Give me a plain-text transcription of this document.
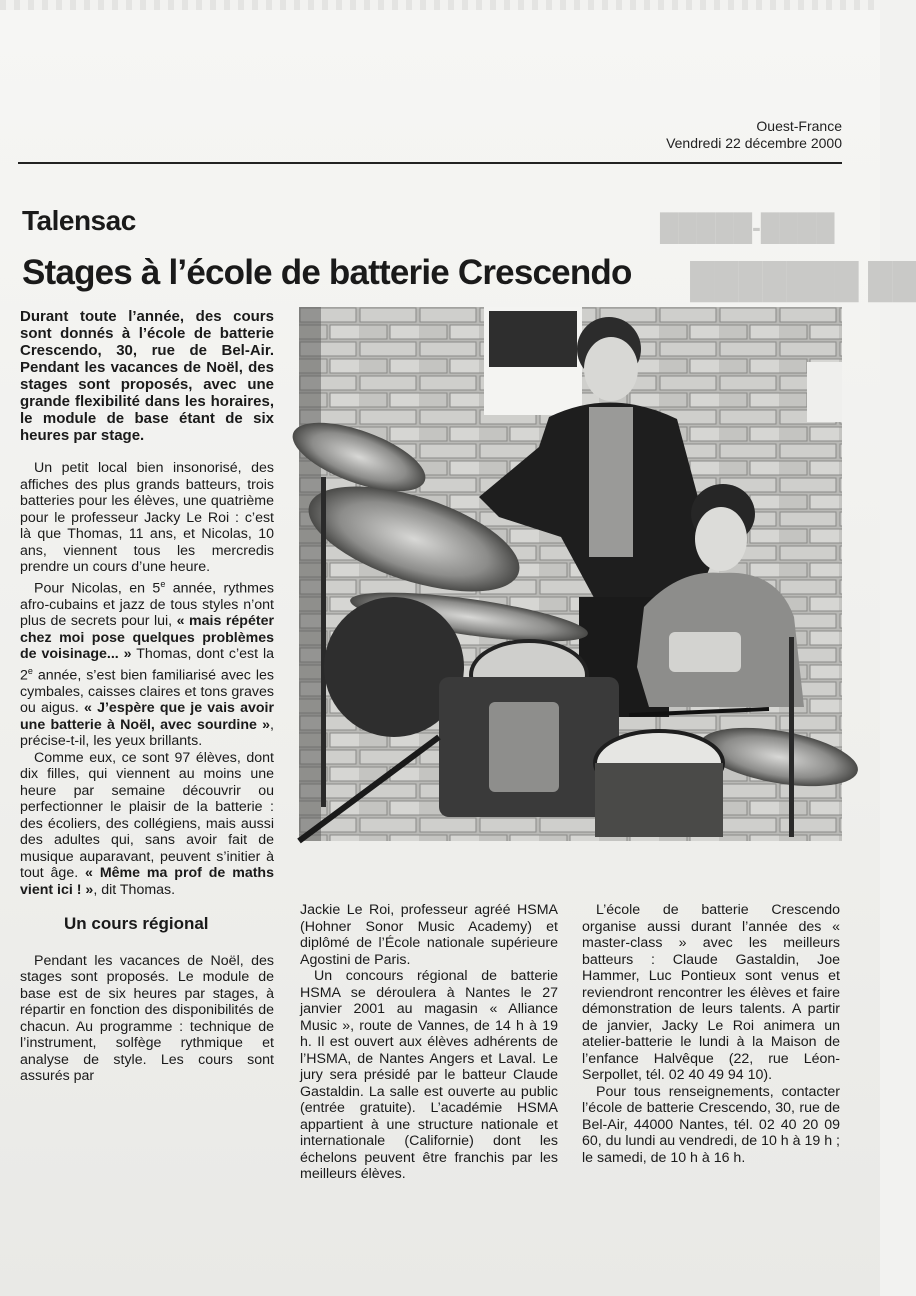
Ouest-France
Vendredi 22 décembre 2000
████-█████
██ ███████
Talensac
Stages à l’école de batterie Crescendo
Durant toute l’année, des cours sont donnés à l’école de batterie Crescendo, 30, rue de Bel-Air. Pendant les vacances de Noël, des stages sont proposés, avec une grande flexibilité dans les horaires, le module de base étant de six heures par stage.

Un petit local bien insonorisé, des affiches des plus grands batteurs, trois batteries pour les élèves, une quatrième pour le professeur Jacky Le Roi : c’est là que Thomas, 11 ans, et Nicolas, 10 ans, viennent tous les mercredis prendre un cours d’une heure.

Pour Nicolas, en 5e année, rythmes afro-cubains et jazz de tous styles n’ont plus de secrets pour lui, « mais répéter chez moi pose quelques problèmes de voisinage... » Thomas, dont c’est la 2e année, s’est bien familiarisé avec les cymbales, caisses claires et tons graves ou aigus. « J’espère que je vais avoir une batterie à Noël, avec sourdine », précise-t-il, les yeux brillants.

Comme eux, ce sont 97 élèves, dont dix filles, qui viennent au moins une heure par semaine découvrir ou perfectionner le plaisir de la batterie : des écoliers, des collégiens, mais aussi des adultes qui, sans avoir fait de musique auparavant, peuvent s’initier à tout âge. « Même ma prof de maths vient ici ! », dit Thomas.

Un cours régional

Pendant les vacances de Noël, des stages sont proposés. Le module de base est de six heures par stages, à répartir en fonction des disponibilités de chacun. Au programme : technique de l’instrument, solfège rythmique et analyse de style. Les cours sont assurés par

Jackie Le Roi, professeur agréé HSMA (Hohner Sonor Music Academy) et diplômé de l’École nationale supérieure Agostini de Paris.

Un concours régional de batterie HSMA se déroulera à Nantes le 27 janvier 2001 au magasin « Alliance Music », route de Vannes, de 14 h à 19 h. Il est ouvert aux élèves adhérents de l’HSMA, de Nantes Angers et Laval. Le jury sera présidé par le batteur Claude Gastaldin. La salle est ouverte au public (entrée gratuite). L’académie HSMA appartient à une structure nationale et internationale (Californie) dont les échelons peuvent être franchis par les meilleurs élèves.

L’école de batterie Crescendo organise aussi durant l’année des « master-class » avec les meilleurs batteurs : Claude Gastaldin, Joe Hammer, Luc Pontieux sont venus et reviendront rencontrer les élèves et faire démonstration de leurs talents. A partir de janvier, Jacky Le Roi animera un atelier-batterie le lundi à la Maison de l’enfance Halvêque (22, rue Léon-Serpollet, tél. 02 40 49 94 10).

Pour tous renseignements, contacter l’école de batterie Crescendo, 30, rue de Bel-Air, 44000 Nantes, tél. 02 40 20 09 60, du lundi au vendredi, de 10 h à 19 h ; le samedi, de 10 h à 16 h.
